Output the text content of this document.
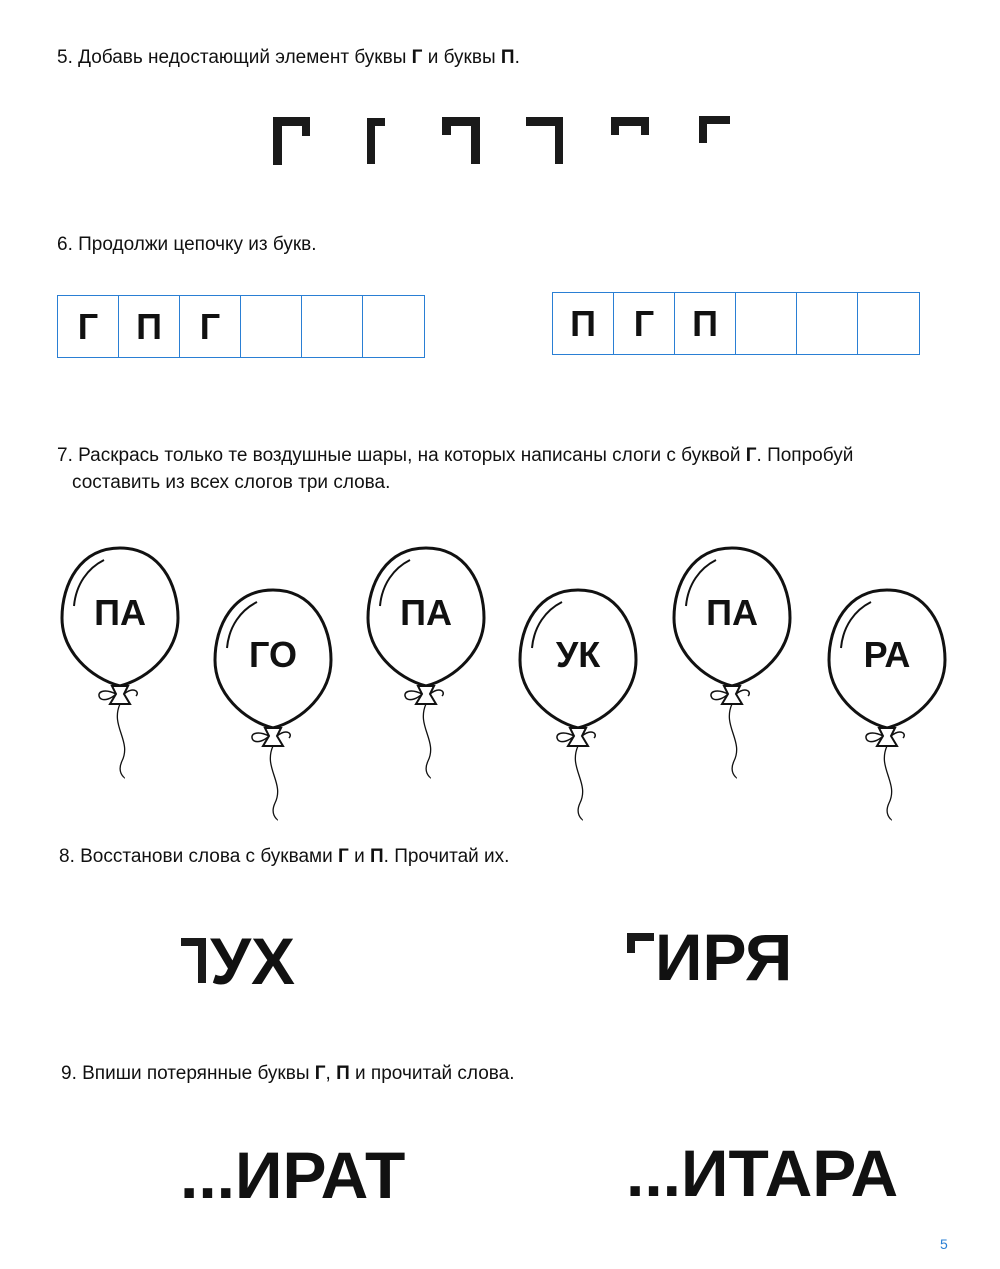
5. Добавь недостающий элемент буквы Г и буквы П.
6. Продолжи цепочку из букв.
Г	П	Г	П	Г	П
7. Раскрась только те воздушные шары, на которых написаны слоги с буквой Г. Попробуй
составить из всех слогов три слова.
ПА
ГО
ПА
УК
ПА
РА
8. Восстанови слова с буквами Г и П. Прочитай их.
УХ	ИРЯ
9. Впиши потерянные буквы Г, П и прочитай слова.
...ИРАТ	...ИТАРА
5
